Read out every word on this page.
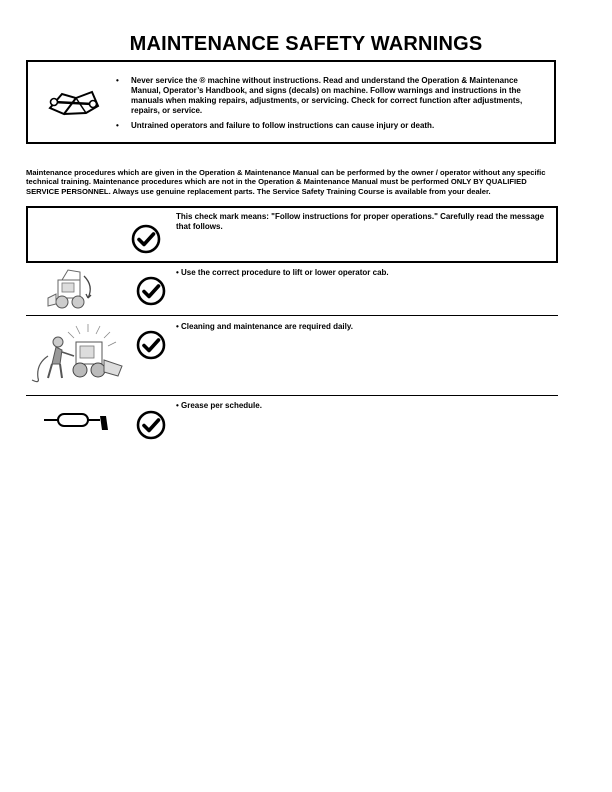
MAINTENANCE SAFETY WARNINGS
• Never service the ® machine without instructions. Read and understand the Operation & Maintenance Manual, Operator’s Handbook, and signs (decals) on machine. Follow warnings and instructions in the manuals when making repairs, adjustments, or servicing. Check for correct function after adjustments, repairs, or service.
• Untrained operators and failure to follow instructions can cause injury or death.
Maintenance procedures which are given in the Operation & Maintenance Manual can be performed by the owner / operator without any specific technical training. Maintenance procedures which are not in the Operation & Maintenance Manual must be performed ONLY BY QUALIFIED SERVICE PERSONNEL. Always use genuine replacement parts. The Service Safety Training Course is available from your dealer.
This check mark means: "Follow instructions for proper operations." Carefully read the message that follows.
• Use the correct procedure to lift or lower operator cab.
• Cleaning and maintenance are required daily.
• Grease per schedule.
